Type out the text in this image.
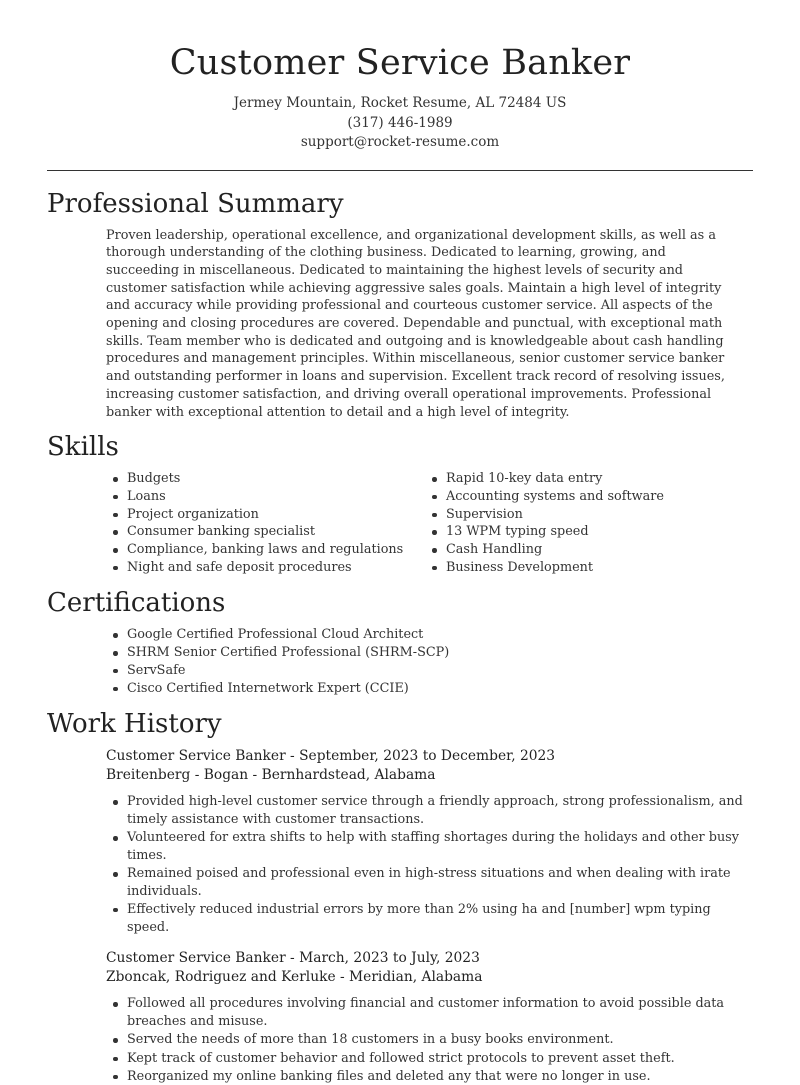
Customer Service Banker
Jermey Mountain, Rocket Resume, AL 72484 US
(317) 446-1989
support@rocket-resume.com
Professional Summary

Proven leadership, operational excellence, and organizational development skills, as well as a thorough understanding of the clothing business. Dedicated to learning, growing, and succeeding in miscellaneous. Dedicated to maintaining the highest levels of security and customer satisfaction while achieving aggressive sales goals. Maintain a high level of integrity and accuracy while providing professional and courteous customer service. All aspects of the opening and closing procedures are covered. Dependable and punctual, with exceptional math skills. Team member who is dedicated and outgoing and is knowledgeable about cash handling procedures and management principles. Within miscellaneous, senior customer service banker and outstanding performer in loans and supervision. Excellent track record of resolving issues, increasing customer satisfaction, and driving overall operational improvements. Professional banker with exceptional attention to detail and a high level of integrity.

Skills
Budgets
Loans
Project organization
Consumer banking specialist
Compliance, banking laws and regulations
Night and safe deposit procedures
Rapid 10-key data entry
Accounting systems and software
Supervision
13 WPM typing speed
Cash Handling
Business Development
Certifications
Google Certified Professional Cloud Architect
SHRM Senior Certified Professional (SHRM-SCP)
ServSafe
Cisco Certified Internetwork Expert (CCIE)
Work History
Customer Service Banker - September, 2023 to December, 2023
Breitenberg - Bogan - Bernhardstead, Alabama
Provided high-level customer service through a friendly approach, strong professionalism, and timely assistance with customer transactions.
Volunteered for extra shifts to help with staffing shortages during the holidays and other busy times.
Remained poised and professional even in high-stress situations and when dealing with irate individuals.
Effectively reduced industrial errors by more than 2% using ha and [number] wpm typing speed.
Customer Service Banker - March, 2023 to July, 2023
Zboncak, Rodriguez and Kerluke - Meridian, Alabama
Followed all procedures involving financial and customer information to avoid possible data breaches and misuse.
Served the needs of more than 18 customers in a busy books environment.
Kept track of customer behavior and followed strict protocols to prevent asset theft.
Reorganized my online banking files and deleted any that were no longer in use.
